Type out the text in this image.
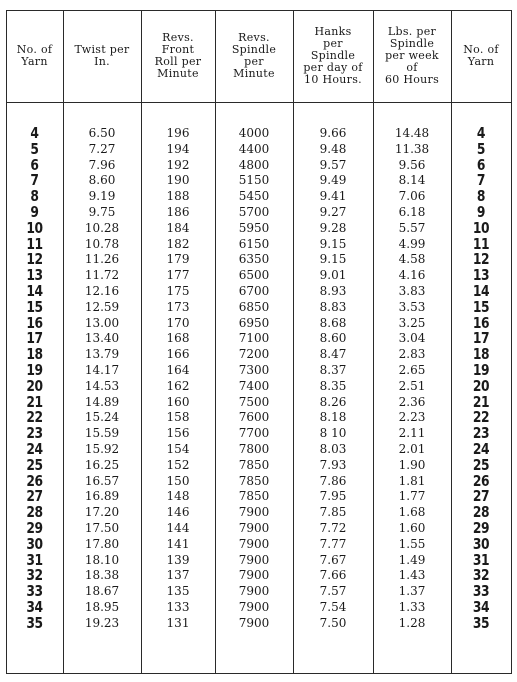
No. of
Yarn
Twist per
In.
Revs.
Front
Roll per
Minute
Revs.
Spindle
per
Minute
Hanks
per
Spindle
per day of
10 Hours.
Lbs. per
Spindle
per week
of
60 Hours
No. of
Yarn
4
5
6
7
8
9
10
11
12
13
14
15
16
17
18
19
20
21
22
23
24
25
26
27
28
29
30
31
32
33
34
35
6.50
7.27
7.96
8.60
9.19
9.75
10.28
10.78
11.26
11.72
12.16
12.59
13.00
13.40
13.79
14.17
14.53
14.89
15.24
15.59
15.92
16.25
16.57
16.89
17.20
17.50
17.80
18.10
18.38
18.67
18.95
19.23
196
194
192
190
188
186
184
182
179
177
175
173
170
168
166
164
162
160
158
156
154
152
150
148
146
144
141
139
137
135
133
131
4000
4400
4800
5150
5450
5700
5950
6150
6350
6500
6700
6850
6950
7100
7200
7300
7400
7500
7600
7700
7800
7850
7850
7850
7900
7900
7900
7900
7900
7900
7900
7900
9.66
9.48
9.57
9.49
9.41
9.27
9.28
9.15
9.15
9.01
8.93
8.83
8.68
8.60
8.47
8.37
8.35
8.26
8.18
8 10
8.03
7.93
7.86
7.95
7.85
7.72
7.77
7.67
7.66
7.57
7.54
7.50
14.48
11.38
9.56
8.14
7.06
6.18
5.57
4.99
4.58
4.16
3.83
3.53
3.25
3.04
2.83
2.65
2.51
2.36
2.23
2.11
2.01
1.90
1.81
1.77
1.68
1.60
1.55
1.49
1.43
1.37
1.33
1.28
4
5
6
7
8
9
10
11
12
13
14
15
16
17
18
19
20
21
22
23
24
25
26
27
28
29
30
31
32
33
34
35
